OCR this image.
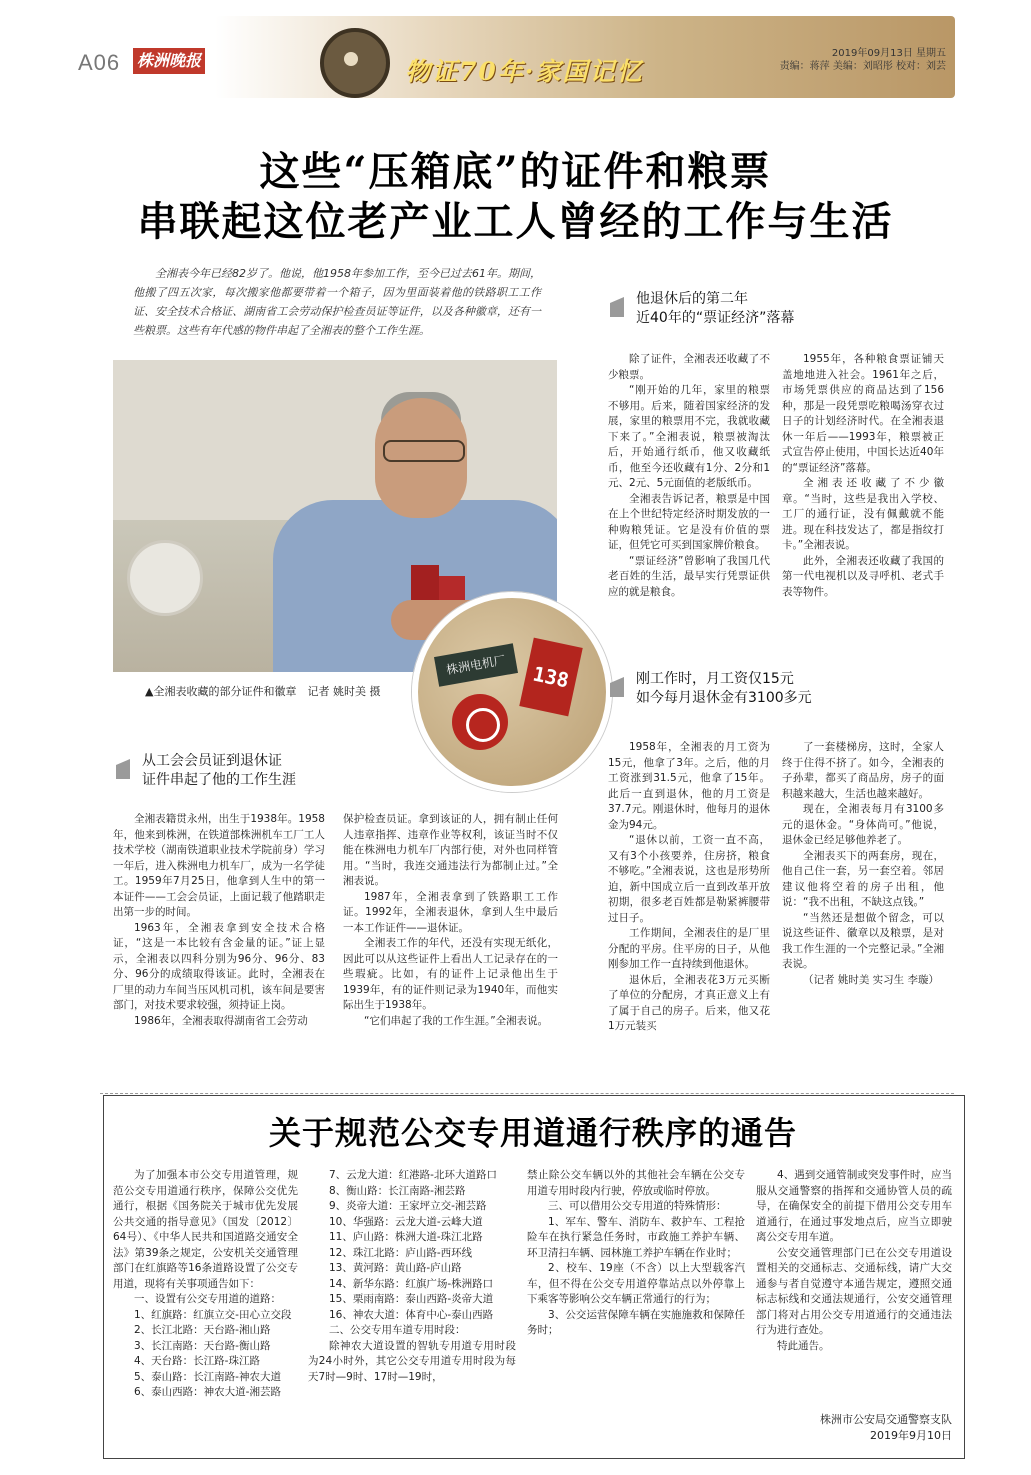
A06 株洲晚报	物证70年·家国记忆
2019年09月13日 星期五
责编：蒋萍 美编：刘昭彤 校对：刘芸
这些“压箱底”的证件和粮票
串联起这位老产业工人曾经的工作与生活
全湘表今年已经82岁了。他说，他1958年参加工作，至今已过去61年。期间，他搬了四五次家，每次搬家他都要带着一个箱子，因为里面装着他的铁路职工工作证、安全技术合格证、湖南省工会劳动保护检查员证等证件，以及各种徽章，还有一些粮票。这些有年代感的物件串起了全湘表的整个工作生涯。
▲全湘表收藏的部分证件和徽章　记者 姚时美 摄
株洲电机厂	138
他退休后的第二年
近40年的“票证经济”落幕

除了证件，全湘表还收藏了不少粮票。

“刚开始的几年，家里的粮票不够用。后来，随着国家经济的发展，家里的粮票用不完，我就收藏下来了。”全湘表说，粮票被淘汰后，开始通行纸币，他又收藏纸币，他至今还收藏有1分、2分和1元、2元、5元面值的老版纸币。

全湘表告诉记者，粮票是中国在上个世纪特定经济时期发放的一种购粮凭证。它是没有价值的票证，但凭它可买到国家牌价粮食。

“票证经济”曾影响了我国几代老百姓的生活，最早实行凭票证供应的就是粮食。

1955年，各种粮食票证铺天盖地地进入社会。1961年之后，市场凭票供应的商品达到了156种，那是一段凭票吃粮喝汤穿衣过日子的计划经济时代。在全湘表退休一年后——1993年，粮票被正式宣告停止使用，中国长达近40年的“票证经济”落幕。

全湘表还收藏了不少徽章。“当时，这些是我出入学校、工厂的通行证，没有佩戴就不能进。现在科技发达了，都是指纹打卡。”全湘表说。

此外，全湘表还收藏了我国的第一代电视机以及寻呼机、老式手表等物件。

刚工作时，月工资仅15元
如今每月退休金有3100多元

1958年，全湘表的月工资为15元，他拿了3年。之后，他的月工资涨到31.5元，他拿了15年。此后一直到退休，他的月工资是37.7元。刚退休时，他每月的退休金为94元。

“退休以前，工资一直不高，又有3个小孩要养，住房挤，粮食不够吃。”全湘表说，这也是形势所迫，新中国成立后一直到改革开放初期，很多老百姓都是勒紧裤腰带过日子。

工作期间，全湘表住的是厂里分配的平房。住平房的日子，从他刚参加工作一直持续到他退休。

退休后，全湘表花3万元买断了单位的分配房，才真正意义上有了属于自己的房子。后来，他又花1万元装买

了一套楼梯房，这时，全家人终于住得不挤了。如今，全湘表的子孙辈，都买了商品房，房子的面积越来越大，生活也越来越好。

现在，全湘表每月有3100多元的退休金。“身体尚可。”他说，退休金已经足够他养老了。

全湘表买下的两套房，现在，他自己住一套，另一套空着。邻居建议他将空着的房子出租，他说：“我不出租，不缺这点钱。”

“当然还是想做个留念，可以说这些证件、徽章以及粮票，是对我工作生涯的一个完整记录。”全湘表说。

（记者 姚时美 实习生 李璇）

从工会会员证到退休证
证件串起了他的工作生涯

全湘表籍贯永州，出生于1938年。1958年，他来到株洲，在铁道部株洲机车工厂工人技术学校（湖南铁道职业技术学院前身）学习一年后，进入株洲电力机车厂，成为一名学徒工。1959年7月25日，他拿到人生中的第一本证件——工会会员证，上面记载了他踏职走出第一步的时间。

1963年，全湘表拿到安全技术合格证，“这是一本比较有含金量的证。”证上显示，全湘表以四科分别为96分、96分、83分、96分的成绩取得该证。此时，全湘表在厂里的动力车间当压风机司机，该车间是要害部门，对技术要求较强，须持证上岗。

1986年，全湘表取得湖南省工会劳动

保护检查员证。拿到该证的人，拥有制止任何人违章指挥、违章作业等权利，该证当时不仅能在株洲电力机车厂内部行使，对外也同样管用。“当时，我连交通违法行为都制止过。”全湘表说。

1987年，全湘表拿到了铁路职工工作证。1992年，全湘表退休，拿到人生中最后一本工作证件——退休证。

全湘表工作的年代，还没有实现无纸化，因此可以从这些证件上看出人工记录存在的一些瑕疵。比如，有的证件上记录他出生于1939年，有的证件则记录为1940年，而他实际出生于1938年。

“它们串起了我的工作生涯。”全湘表说。

关于规范公交专用道通行秩序的通告

为了加强本市公交专用道管理，规范公交专用道通行秩序，保障公交优先通行，根据《国务院关于城市优先发展公共交通的指导意见》（国发〔2012〕64号）、《中华人民共和国道路交通安全法》第39条之规定，公安机关交通管理部门在红旗路等16条道路设置了公交专用道，现将有关事项通告如下：

一、设置有公交专用道的道路：

1、红旗路：红旗立交-田心立交段

2、长江北路：天台路-湘山路

3、长江南路：天台路-衡山路

4、天台路：长江路-珠江路

5、泰山路：长江南路-神农大道

6、泰山西路：神农大道-湘芸路

7、云龙大道：红港路-北环大道路口

8、衡山路：长江南路-湘芸路

9、炎帝大道：王家坪立交-湘芸路

10、华强路：云龙大道-云峰大道

11、庐山路：株洲大道-珠江北路

12、珠江北路：庐山路-西环线

13、黄河路：黄山路-庐山路

14、新华东路：红旗广场-株洲路口

15、栗雨南路：泰山西路-炎帝大道

16、神农大道：体育中心-泰山西路

二、公交专用车道专用时段：

除神农大道设置的智轨专用道专用时段为24小时外，其它公交专用道专用时段为每天7时—9时、17时—19时，

禁止除公交车辆以外的其他社会车辆在公交专用道专用时段内行驶，停放或临时停放。

三、可以借用公交专用道的特殊情形：

1、军车、警车、消防车、救护车、工程抢险车在执行紧急任务时，市政施工养护车辆、环卫清扫车辆、园林施工养护车辆在作业时；

2、校车、19座（不含）以上大型载客汽车，但不得在公交专用道停靠站点以外停靠上下乘客等影响公交车辆正常通行的行为；

3、公交运营保障车辆在实施施救和保障任务时；

4、遇到交通管制或突发事件时，应当服从交通警察的指挥和交通协管人员的疏导，在确保安全的前提下借用公交专用车道通行，在通过事发地点后，应当立即驶离公交专用车道。

公安交通管理部门已在公交专用道设置相关的交通标志、交通标线，请广大交通参与者自觉遵守本通告规定，遵照交通标志标线和交通法规通行，公安交通管理部门将对占用公交专用道通行的交通违法行为进行查处。

特此通告。

株洲市公安局交通警察支队
2019年9月10日
